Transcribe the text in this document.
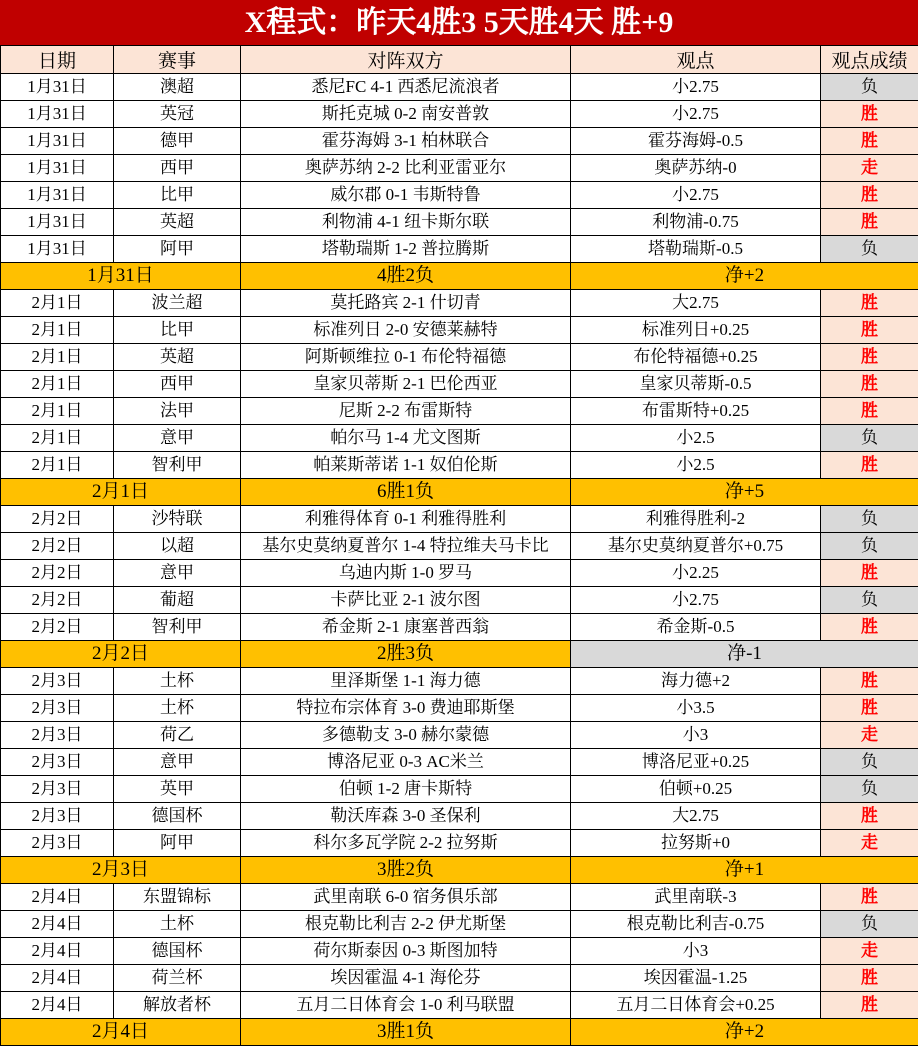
X程式：昨天4胜3 5天胜4天 胜+9
日期	赛事	对阵双方	观点	观点成绩
1月31日	澳超	悉尼FC 4-1 西悉尼流浪者	小2.75	负
1月31日	英冠	斯托克城 0-2 南安普敦	小2.75	胜
1月31日	德甲	霍芬海姆 3-1 柏林联合	霍芬海姆-0.5	胜
1月31日	西甲	奥萨苏纳 2-2 比利亚雷亚尔	奥萨苏纳-0	走
1月31日	比甲	威尔郡 0-1 韦斯特鲁	小2.75	胜
1月31日	英超	利物浦 4-1 纽卡斯尔联	利物浦-0.75	胜
1月31日	阿甲	塔勒瑞斯 1-2 普拉腾斯	塔勒瑞斯-0.5	负
1月31日		4胜2负	净+2	
2月1日	波兰超	莫托路宾 2-1 什切青	大2.75	胜
2月1日	比甲	标准列日 2-0 安德莱赫特	标准列日+0.25	胜
2月1日	英超	阿斯顿维拉 0-1 布伦特福德	布伦特福德+0.25	胜
2月1日	西甲	皇家贝蒂斯 2-1 巴伦西亚	皇家贝蒂斯-0.5	胜
2月1日	法甲	尼斯 2-2 布雷斯特	布雷斯特+0.25	胜
2月1日	意甲	帕尔马 1-4 尤文图斯	小2.5	负
2月1日	智利甲	帕莱斯蒂诺 1-1 奴伯伦斯	小2.5	胜
2月1日		6胜1负	净+5	
2月2日	沙特联	利雅得体育 0-1 利雅得胜利	利雅得胜利-2	负
2月2日	以超	基尔史莫纳夏普尔 1-4 特拉维夫马卡比	基尔史莫纳夏普尔+0.75	负
2月2日	意甲	乌迪内斯 1-0 罗马	小2.25	胜
2月2日	葡超	卡萨比亚 2-1 波尔图	小2.75	负
2月2日	智利甲	希金斯 2-1 康塞普西翁	希金斯-0.5	胜
2月2日		2胜3负	净-1	
2月3日	土杯	里泽斯堡 1-1 海力德	海力德+2	胜
2月3日	土杯	特拉布宗体育 3-0 费迪耶斯堡	小3.5	胜
2月3日	荷乙	多德勒支 3-0 赫尔蒙德	小3	走
2月3日	意甲	博洛尼亚 0-3 AC米兰	博洛尼亚+0.25	负
2月3日	英甲	伯顿 1-2 唐卡斯特	伯顿+0.25	负
2月3日	德国杯	勒沃库森 3-0 圣保利	大2.75	胜
2月3日	阿甲	科尔多瓦学院 2-2 拉努斯	拉努斯+0	走
2月3日		3胜2负	净+1	
2月4日	东盟锦标	武里南联 6-0 宿务俱乐部	武里南联-3	胜
2月4日	土杯	根克勒比利吉 2-2 伊尤斯堡	根克勒比利吉-0.75	负
2月4日	德国杯	荷尔斯泰因 0-3 斯图加特	小3	走
2月4日	荷兰杯	埃因霍温 4-1 海伦芬	埃因霍温-1.25	胜
2月4日	解放者杯	五月二日体育会 1-0 利马联盟	五月二日体育会+0.25	胜
2月4日		3胜1负	净+2	
